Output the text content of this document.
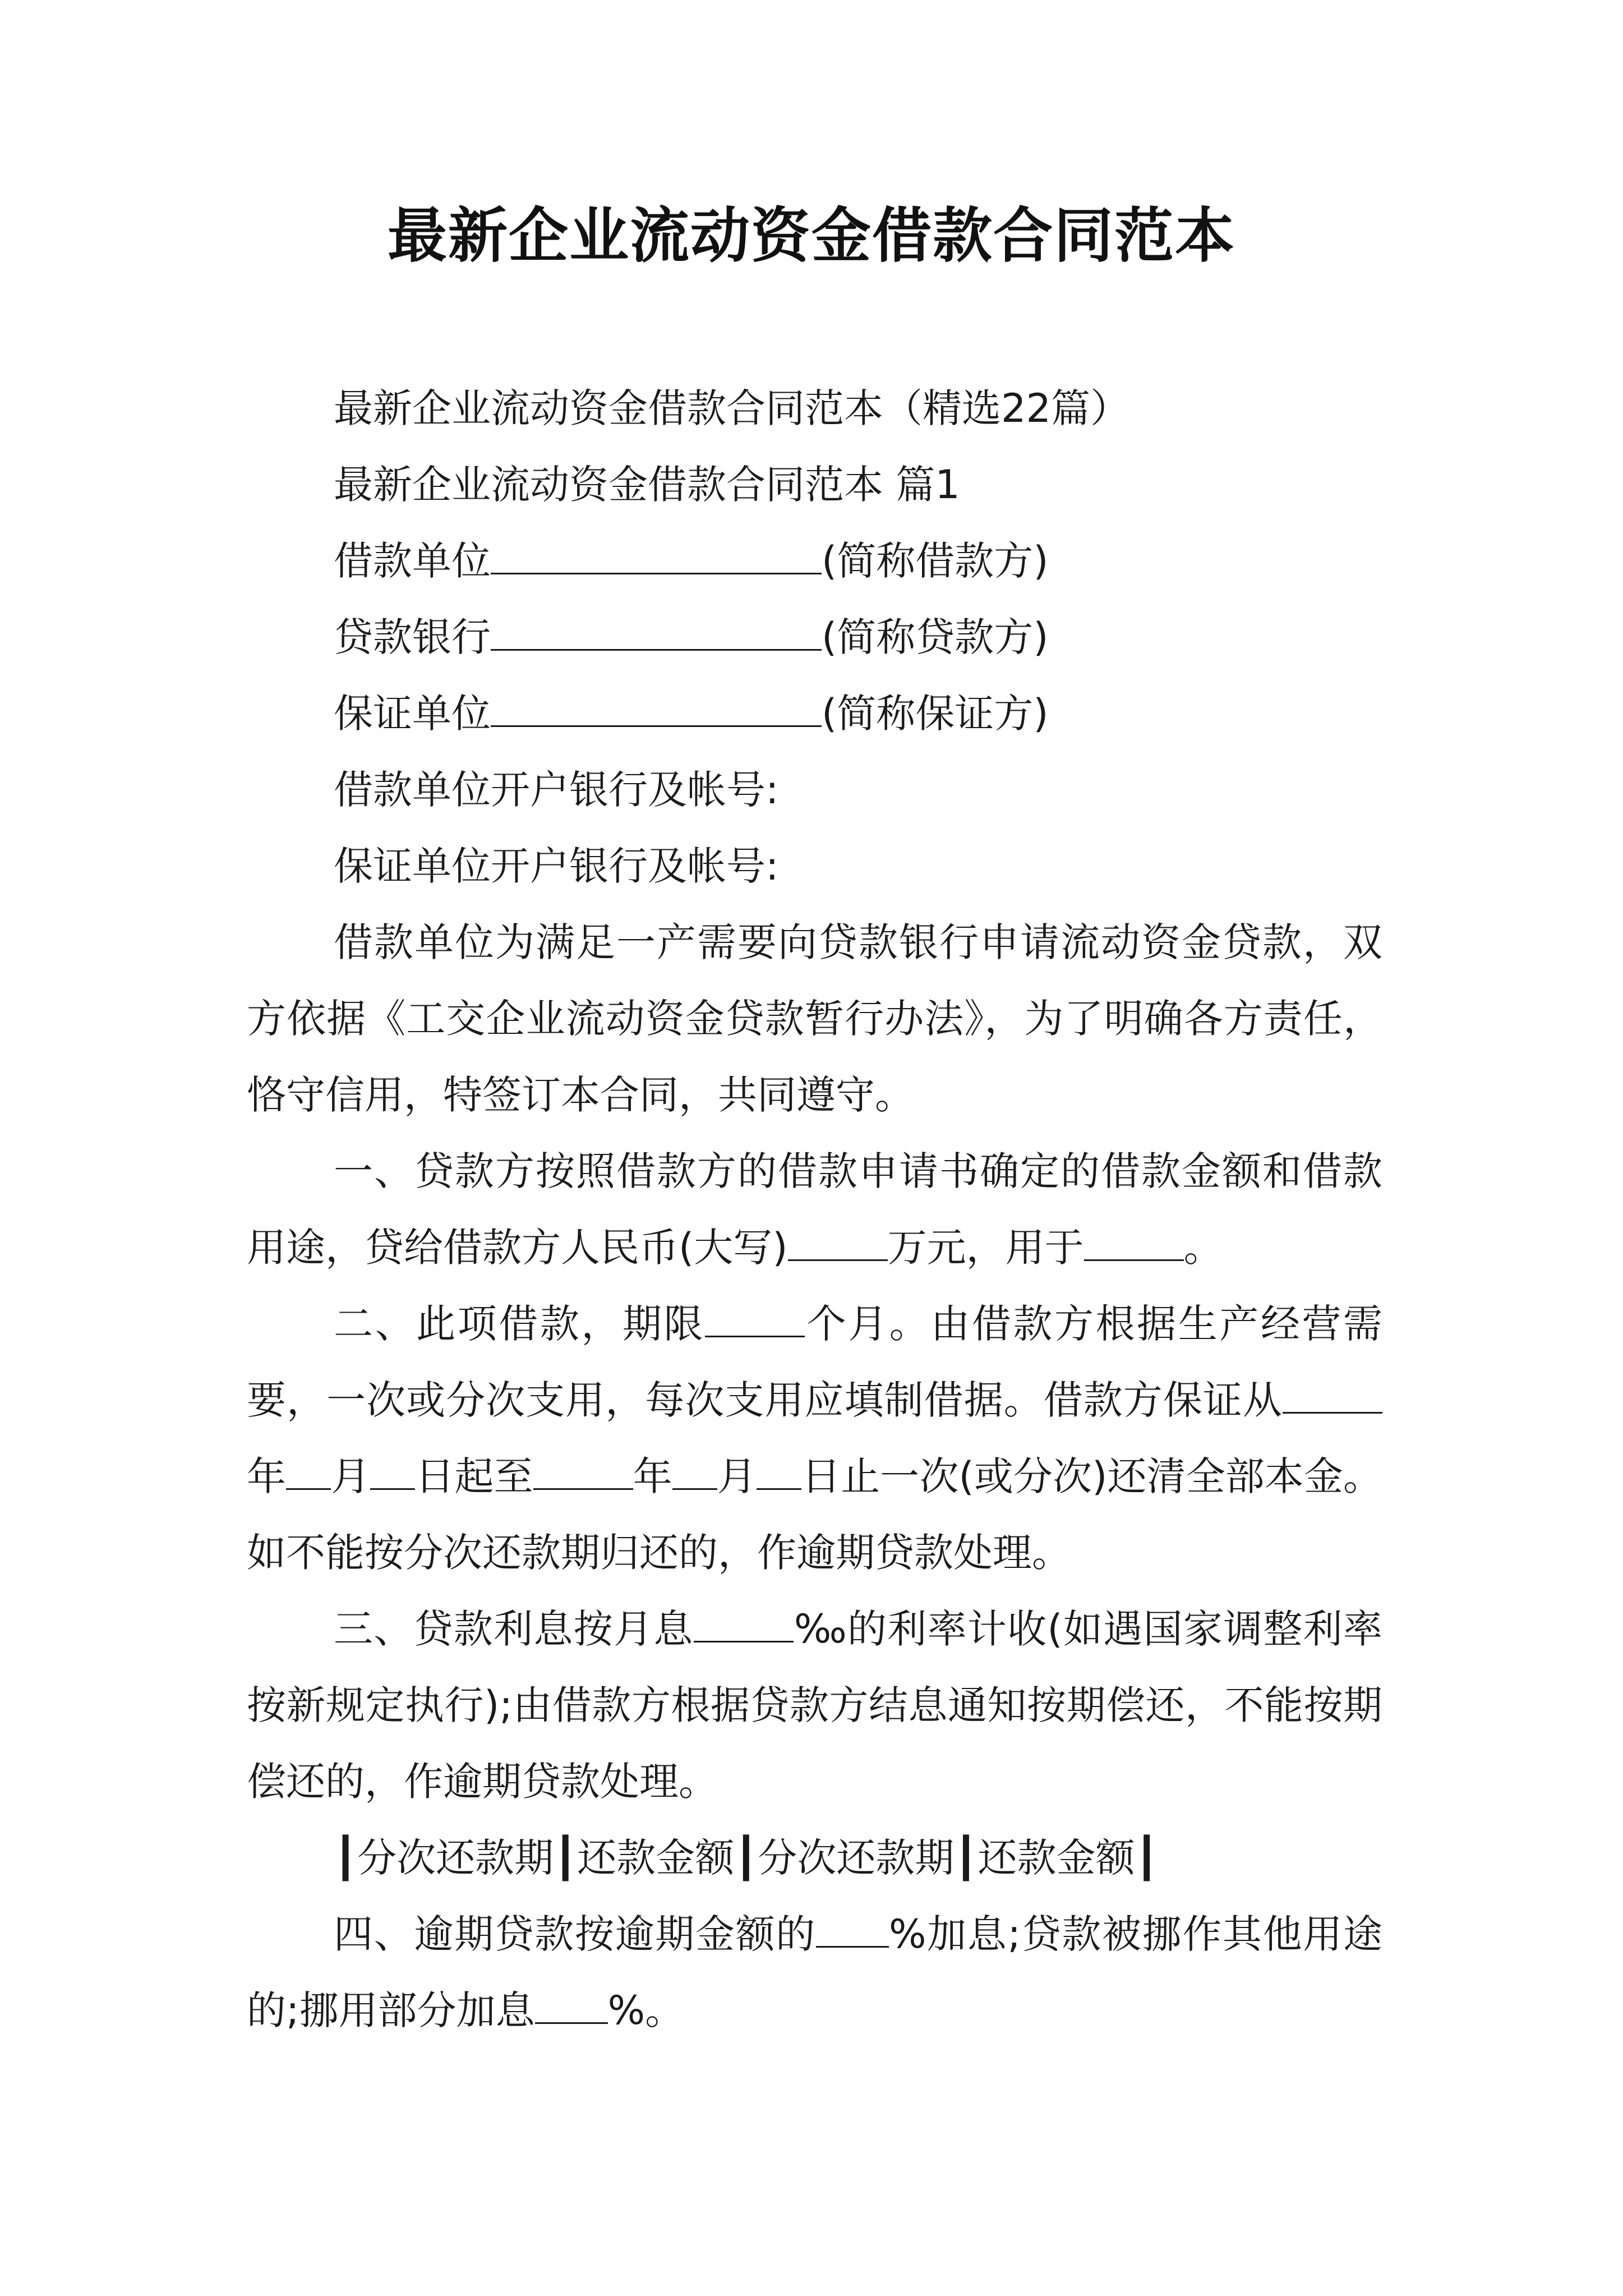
最新企业流动资金借款合同范本

最新企业流动资金借款合同范本（精选22篇）

最新企业流动资金借款合同范本 篇1

借款单位	(简称借款方)

贷款银行	(简称贷款方)

保证单位	(简称保证方)

借款单位开户银行及帐号:

保证单位开户银行及帐号:

借款单位为满足一产需要向贷款银行申请流动资金贷款，双方依据《工交企业流动资金贷款暂行办法》，为了明确各方责任，恪守信用，特签订本合同，共同遵守。

一、贷款方按照借款方的借款申请书确定的借款金额和借款用途，贷给借款方人民币(大写)	万元，用于	。

二、此项借款，期限	个月。由借款方根据生产经营需要，一次或分次支用，每次支用应填制借据。借款方保证从年 月 日起至	年 月 日止一次(或分次)还清全部本金。如不能按分次还款期归还的，作逾期贷款处理。

三、贷款利息按月息	‰的利率计收(如遇国家调整利率按新规定执行);由借款方根据贷款方结息通知按期偿还，不能按期偿还的，作逾期贷款处理。

┃分次还款期┃还款金额┃分次还款期┃还款金额┃

四、逾期贷款按逾期金额的 %加息;贷款被挪作其他用途的;挪用部分加息 %。
